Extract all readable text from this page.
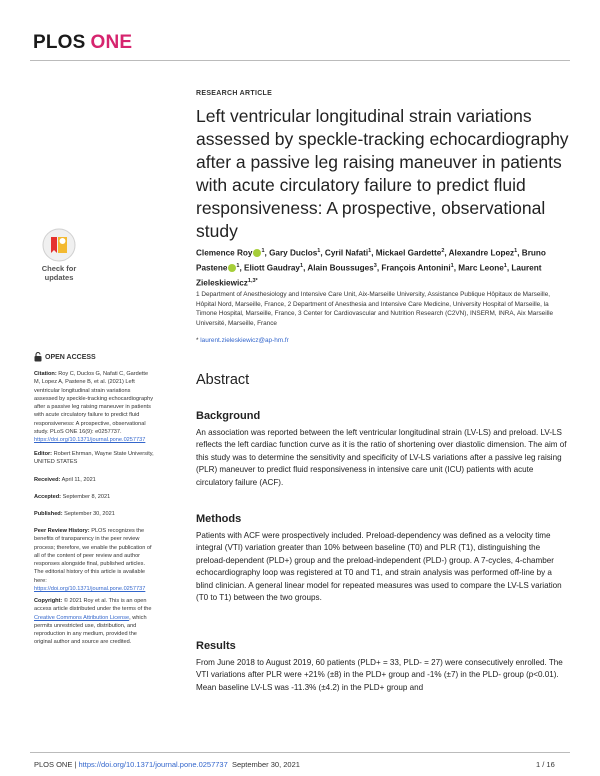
PLOS ONE
RESEARCH ARTICLE
Left ventricular longitudinal strain variations assessed by speckle-tracking echocardiography after a passive leg raising maneuver in patients with acute circulatory failure to predict fluid responsiveness: A prospective, observational study
Clemence Roy $^1$, Gary Duclos$^1$, Cyril Nafati$^1$, Mickael Gardette$^2$, Alexandre Lopez$^1$, Bruno Pastene $^1$, Eliott Gaudray$^1$, Alain Boussuges$^3$, François Antonini$^1$, Marc Leone$^1$, Laurent Zieleskiewicz$^{1,3*}$
1 Department of Anesthesiology and Intensive Care Unit, Aix-Marseille University, Assistance Publique Hôpitaux de Marseille, Hôpital Nord, Marseille, France, 2 Department of Anesthesia and Intensive Care Medicine, University Hospital of Marseille, la Timone Hospital, Marseille, France, 3 Center for Cardiovascular and Nutrition Research (C2VN), INSERM, INRA, Aix Marseille Université, Marseille, France
* laurent.zieleskiewicz@ap-hm.fr
Check for
updates
OPEN ACCESS
Citation: Roy C, Duclos G, Nafati C, Gardette M, Lopez A, Pastene B, et al. (2021) Left ventricular longitudinal strain variations assessed by speckle-tracking echocardiography after a passive leg raising maneuver in patients with acute circulatory failure to predict fluid responsiveness: A prospective, observational study. PLoS ONE 16(9): e0257737. https://doi.org/10.1371/journal.pone.0257737
Editor: Robert Ehrman, Wayne State University, UNITED STATES
Received: April 11, 2021
Accepted: September 8, 2021
Published: September 30, 2021
Peer Review History: PLOS recognizes the benefits of transparency in the peer review process; therefore, we enable the publication of all of the content of peer review and author responses alongside final, published articles. The editorial history of this article is available here: https://doi.org/10.1371/journal.pone.0257737
Copyright: © 2021 Roy et al. This is an open access article distributed under the terms of the Creative Commons Attribution License, which permits unrestricted use, distribution, and reproduction in any medium, provided the original author and source are credited.
Abstract
Background
An association was reported between the left ventricular longitudinal strain (LV-LS) and preload. LV-LS reflects the left cardiac function curve as it is the ratio of shortening over diastolic dimension. The aim of this study was to determine the sensitivity and specificity of LV-LS variations after a passive leg raising (PLR) maneuver to predict fluid responsiveness in intensive care unit (ICU) patients with acute circulatory failure (ACF).
Methods
Patients with ACF were prospectively included. Preload-dependency was defined as a velocity time integral (VTI) variation greater than 10% between baseline (T0) and PLR (T1), distinguishing the preload-dependent (PLD+) group and the preload-independent (PLD-) group. A 7-cycles, 4-chamber echocardiography loop was registered at T0 and T1, and strain analysis was performed off-line by a blind clinician. A general linear model for repeated measures was used to compare the LV-LS variation (T0 to T1) between the two groups.
Results
From June 2018 to August 2019, 60 patients (PLD+ = 33, PLD- = 27) were consecutively enrolled. The VTI variations after PLR were +21% (±8) in the PLD+ group and -1% (±7) in the PLD- group (p<0.01). Mean baseline LV-LS was -11.3% (±4.2) in the PLD+ group and
PLOS ONE | https://doi.org/10.1371/journal.pone.0257737 September 30, 2021	1 / 16
